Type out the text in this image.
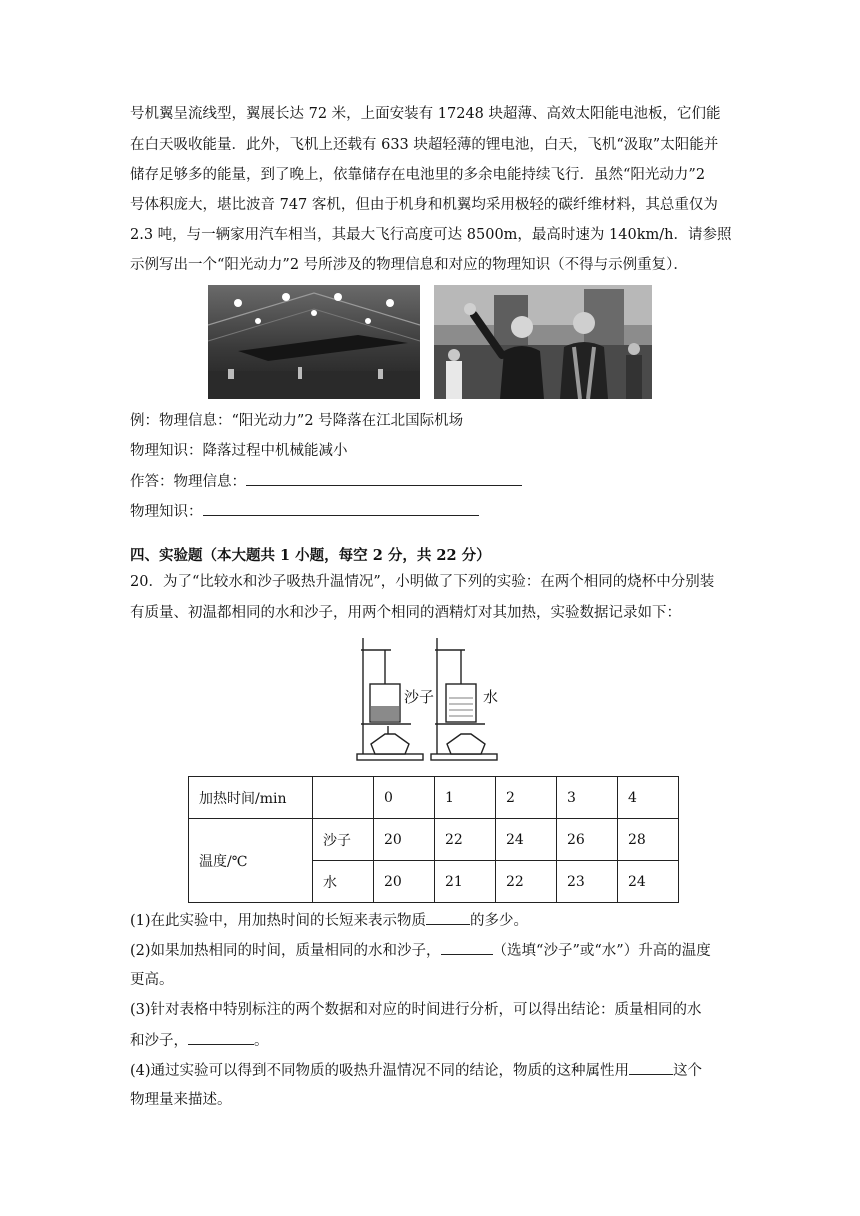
号机翼呈流线型，翼展长达 72 米，上面安装有 17248 块超薄、高效太阳能电池板，它们能
在白天吸收能量．此外，飞机上还载有 633 块超轻薄的锂电池，白天，飞机“汲取”太阳能并
储存足够多的能量，到了晚上，依靠储存在电池里的多余电能持续飞行．虽然“阳光动力”2
号体积庞大，堪比波音 747 客机，但由于机身和机翼均采用极轻的碳纤维材料，其总重仅为
2.3 吨，与一辆家用汽车相当，其最大飞行高度可达 8500m，最高时速为 140km/h．请参照
示例写出一个“阳光动力”2 号所涉及的物理信息和对应的物理知识（不得与示例重复）．
例：物理信息：“阳光动力”2 号降落在江北国际机场
物理知识：降落过程中机械能减小
作答：物理信息：
物理知识：
四、实验题（本大题共 1 小题，每空 2 分，共 22 分）
20．为了“比较水和沙子吸热升温情况”，小明做了下列的实验：在两个相同的烧杯中分别装
有质量、初温都相同的水和沙子，用两个相同的酒精灯对其加热，实验数据记录如下：
沙子	水
加热时间/min		0	1	2	3	4
温度/℃	沙子	20	22	24	26	28
	水	20	21	22	23	24
(1)在此实验中，用加热时间的长短来表示物质	的多少。
(2)如果加热相同的时间，质量相同的水和沙子，	（选填“沙子”或“水”）升高的温度
更高。
(3)针对表格中特别标注的两个数据和对应的时间进行分析，可以得出结论：质量相同的水
和沙子，	。
(4)通过实验可以得到不同物质的吸热升温情况不同的结论，物质的这种属性用	这个
物理量来描述。
